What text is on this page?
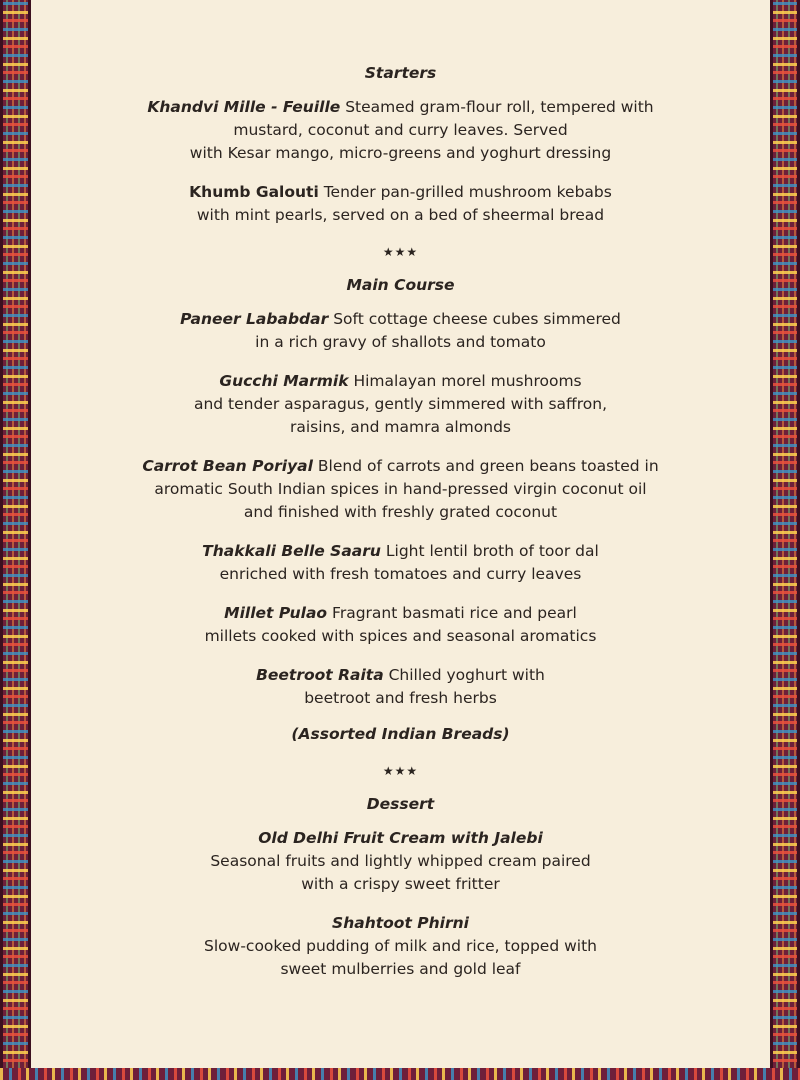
Starters

Khandvi Mille - Feuille Steamed gram-flour roll, tempered with
mustard, coconut and curry leaves. Served
with Kesar mango, micro-greens and yoghurt dressing

Khumb Galouti Tender pan-grilled mushroom kebabs
with mint pearls, served on a bed of sheermal bread

★★★

Main Course

Paneer Lababdar Soft cottage cheese cubes simmered
in a rich gravy of shallots and tomato

Gucchi Marmik Himalayan morel mushrooms
and tender asparagus, gently simmered with saffron,
raisins, and mamra almonds

Carrot Bean Poriyal Blend of carrots and green beans toasted in
aromatic South Indian spices in hand-pressed virgin coconut oil
and finished with freshly grated coconut

Thakkali Belle Saaru Light lentil broth of toor dal
enriched with fresh tomatoes and curry leaves

Millet Pulao Fragrant basmati rice and pearl
millets cooked with spices and seasonal aromatics

Beetroot Raita Chilled yoghurt with
beetroot and fresh herbs

(Assorted Indian Breads)

★★★

Dessert

Old Delhi Fruit Cream with Jalebi
Seasonal fruits and lightly whipped cream paired
with a crispy sweet fritter

Shahtoot Phirni
Slow-cooked pudding of milk and rice, topped with
sweet mulberries and gold leaf
